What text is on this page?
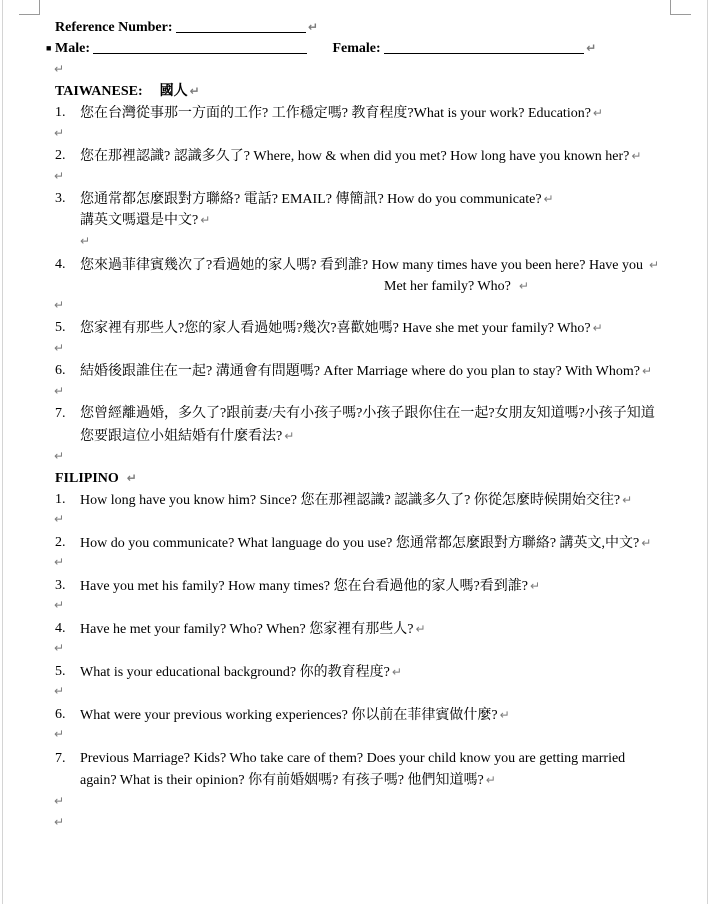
Reference Number:	↵
■ Male:	Female:	↵
↵
TAIWANESE: 國人 ↵
1.	您在台灣從事那一方面的工作? 工作穩定嗎? 教育程度?What is your work? Education? ↵
↵
2.	您在那裡認識? 認識多久了? Where, how & when did you met? How long have you known her? ↵
↵
3.	您通常都怎麼跟對方聯絡? 電話? EMAIL? 傳簡訊? How do you communicate? ↵
講英文嗎還是中文? ↵
↵
4.	您來過菲律賓幾次了?看過她的家人嗎? 看到誰? How many times have you been here? Have you ↵
Met her family? Who? ↵
↵
5.	您家裡有那些人?您的家人看過她嗎?幾次?喜歡她嗎? Have she met your family? Who? ↵
↵
6.	結婚後跟誰住在一起? 溝通會有問題嗎? After Marriage where do you plan to stay? With Whom? ↵
↵
7.	您曾經離過婚，多久了?跟前妻/夫有小孩子嗎?小孩子跟你住在一起?女朋友知道嗎?小孩子知道
您要跟這位小姐結婚有什麼看法? ↵
↵
FILIPINO ↵
1.	How long have you know him? Since? 您在那裡認識? 認識多久了? 你從怎麼時候開始交往? ↵
↵
2.	How do you communicate? What language do you use? 您通常都怎麼跟對方聯絡? 講英文,中文? ↵
↵
3.	Have you met his family? How many times? 您在台看過他的家人嗎?看到誰? ↵
↵
4.	Have he met your family? Who? When? 您家裡有那些人? ↵
↵
5.	What is your educational background? 你的教育程度? ↵
↵
6.	What were your previous working experiences? 你以前在菲律賓做什麼? ↵
↵
7.	Previous Marriage? Kids? Who take care of them? Does your child know you are getting married
again? What is their opinion? 你有前婚姻嗎? 有孩子嗎? 他們知道嗎? ↵
↵
↵
